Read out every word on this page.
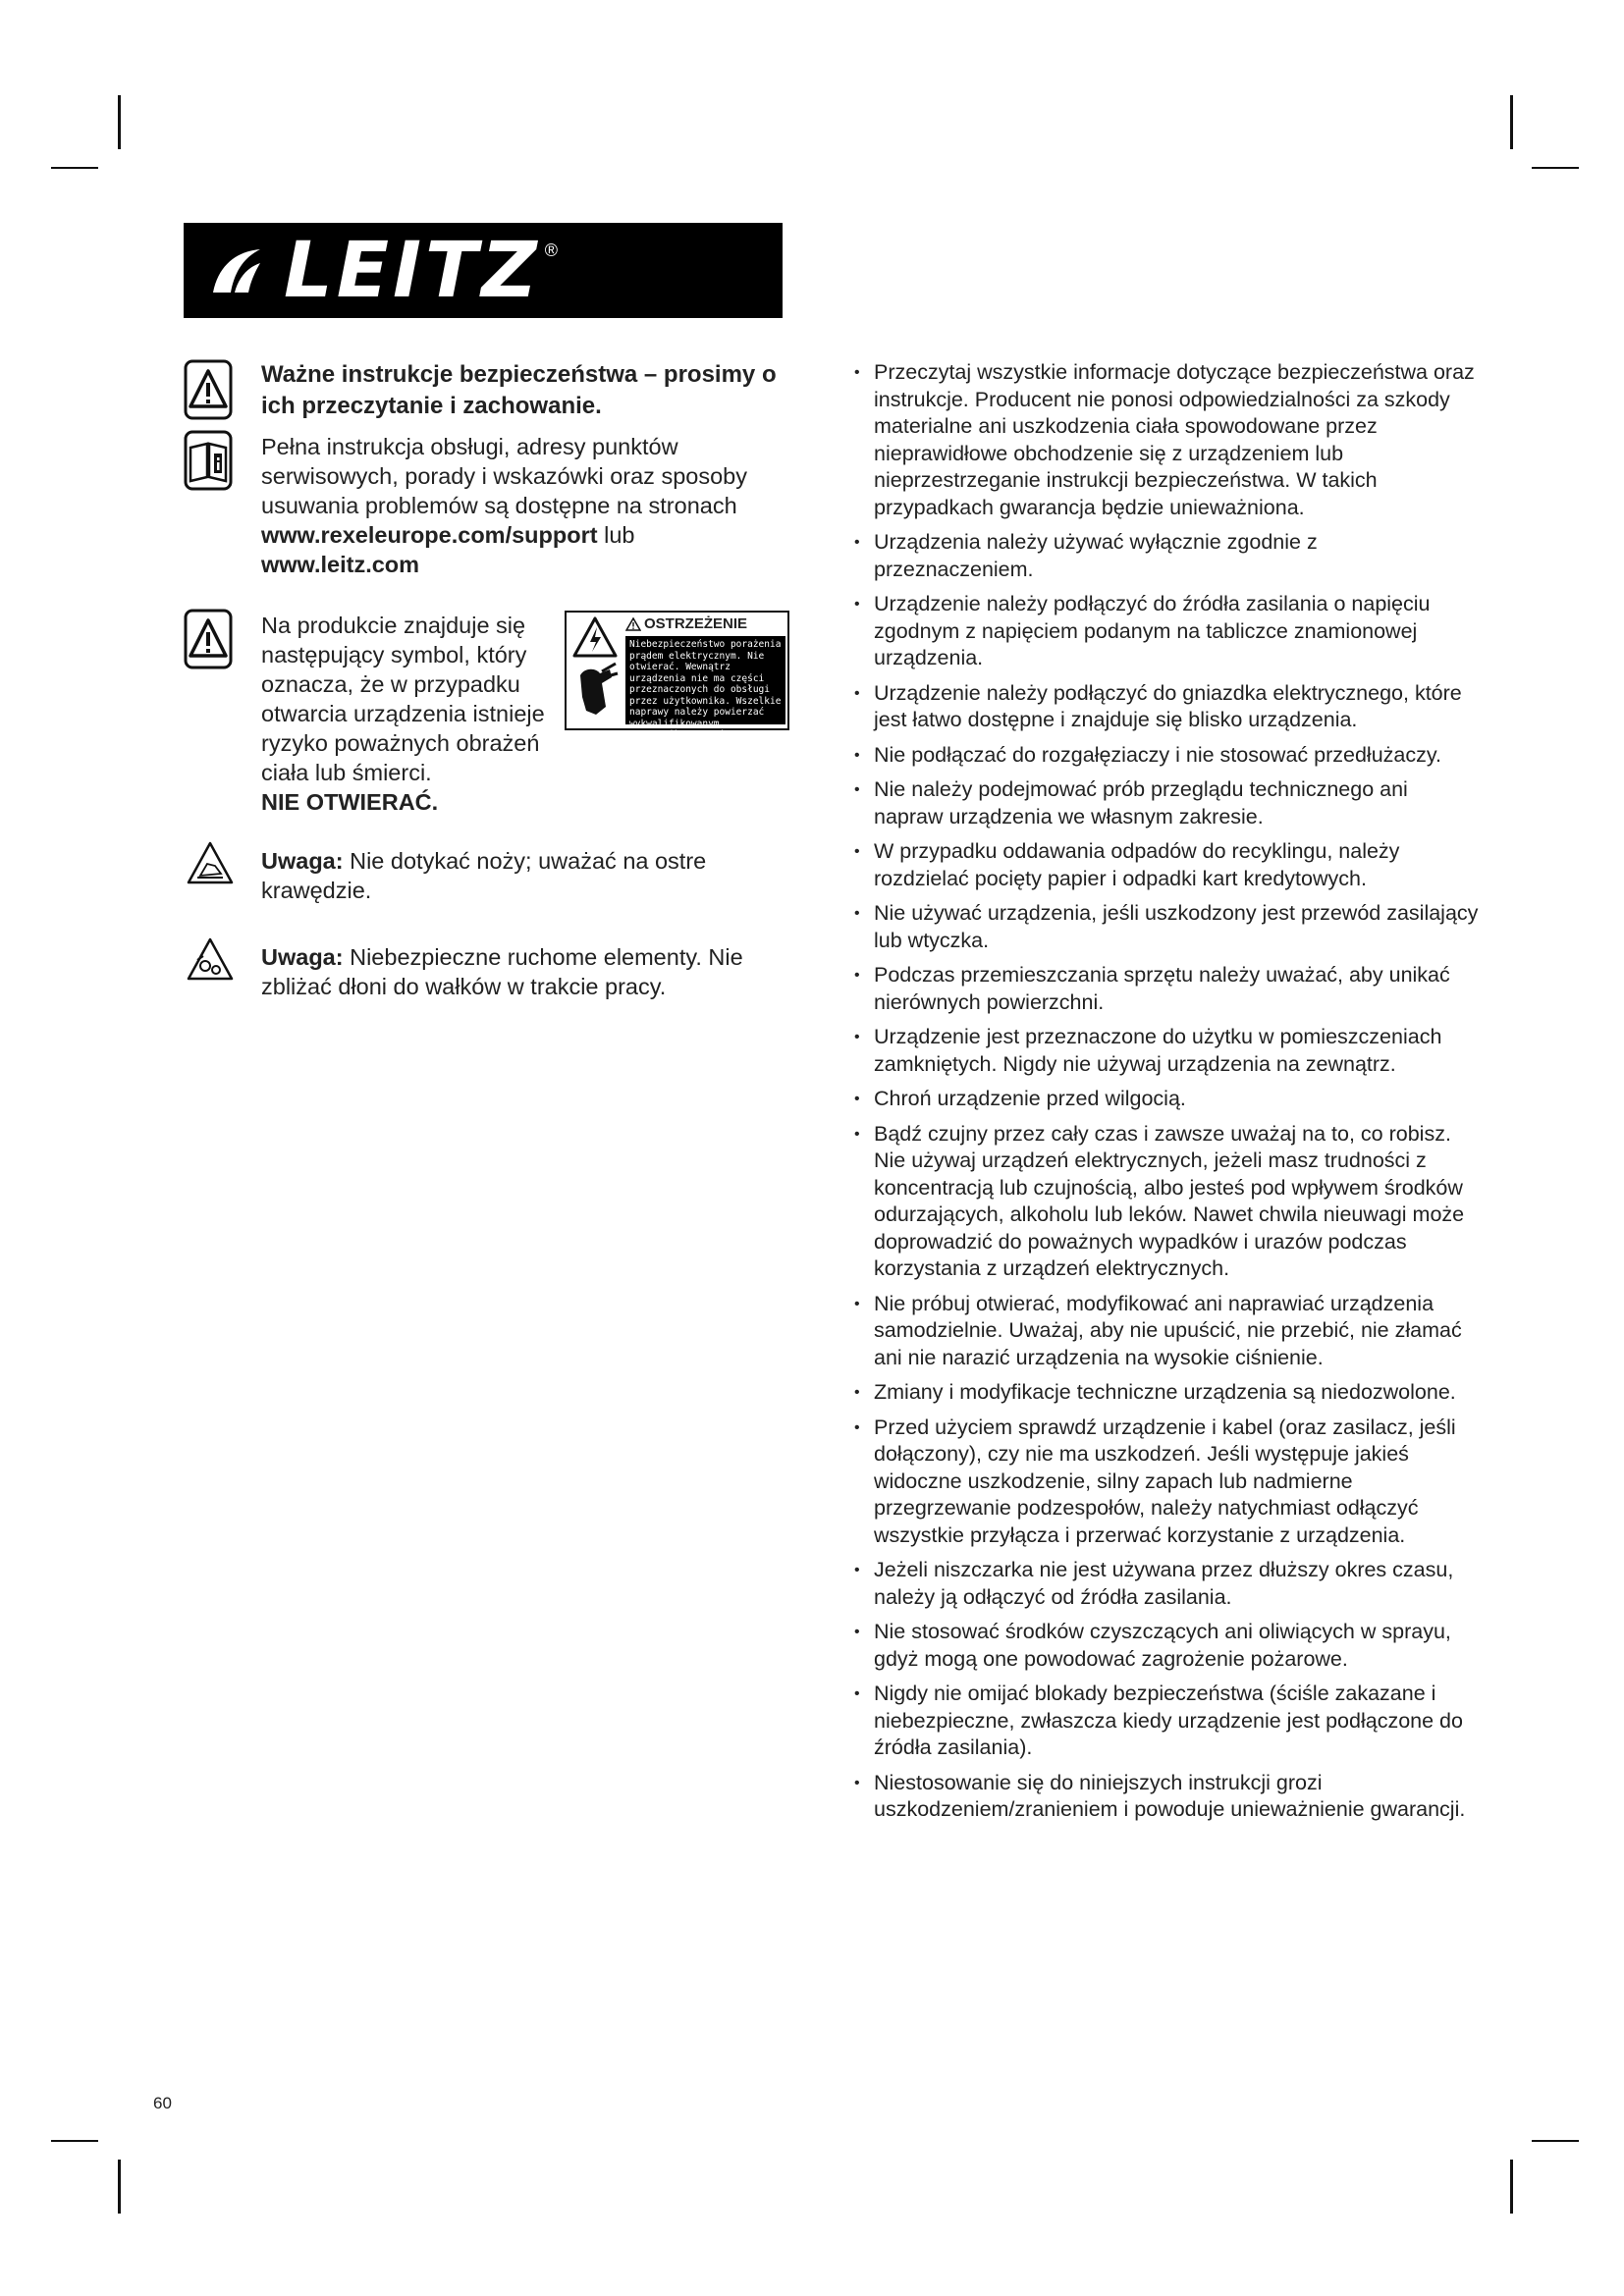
LEITZ ®
Ważne instrukcje bezpieczeństwa – prosimy o ich przeczytanie i zachowanie.
Pełna instrukcja obsługi, adresy punktów serwisowych, porady i wskazówki oraz sposoby usuwania problemów są dostępne na stronach www.rexeleurope.com/support lub www.leitz.com
Na produkcie znajduje się następujący symbol, który oznacza, że w przypadku otwarcia urządzenia istnieje ryzyko poważnych obrażeń ciała lub śmierci.
NIE OTWIERAĆ.
OSTRZEŻENIE
Niebezpieczeństwo porażenia prądem elektrycznym. Nie otwierać. Wewnątrz urządzenia nie ma części przeznaczonych do obsługi przez użytkownika. Wszelkie naprawy należy powierzać wykwalifikowanym pracownikom serwisu.
Uwaga: Nie dotykać noży; uważać na ostre krawędzie.
Uwaga: Niebezpieczne ruchome elementy. Nie zbliżać dłoni do wałków w trakcie pracy.
• Przeczytaj wszystkie informacje dotyczące bezpieczeństwa oraz instrukcje. Producent nie ponosi odpowiedzialności za szkody materialne ani uszkodzenia ciała spowodowane przez nieprawidłowe obchodzenie się z urządzeniem lub nieprzestrzeganie instrukcji bezpieczeństwa. W takich przypadkach gwarancja będzie unieważniona.
• Urządzenia należy używać wyłącznie zgodnie z przeznaczeniem.
• Urządzenie należy podłączyć do źródła zasilania o napięciu zgodnym z napięciem podanym na tabliczce znamionowej urządzenia.
• Urządzenie należy podłączyć do gniazdka elektrycznego, które jest łatwo dostępne i znajduje się blisko urządzenia.
• Nie podłączać do rozgałęziaczy i nie stosować przedłużaczy.
• Nie należy podejmować prób przeglądu technicznego ani napraw urządzenia we własnym zakresie.
• W przypadku oddawania odpadów do recyklingu, należy rozdzielać pocięty papier i odpadki kart kredytowych.
• Nie używać urządzenia, jeśli uszkodzony jest przewód zasilający lub wtyczka.
• Podczas przemieszczania sprzętu należy uważać, aby unikać nierównych powierzchni.
• Urządzenie jest przeznaczone do użytku w pomieszczeniach zamkniętych. Nigdy nie używaj urządzenia na zewnątrz.
• Chroń urządzenie przed wilgocią.
• Bądź czujny przez cały czas i zawsze uważaj na to, co robisz. Nie używaj urządzeń elektrycznych, jeżeli masz trudności z koncentracją lub czujnością, albo jesteś pod wpływem środków odurzających, alkoholu lub leków. Nawet chwila nieuwagi może doprowadzić do poważnych wypadków i urazów podczas korzystania z urządzeń elektrycznych.
• Nie próbuj otwierać, modyfikować ani naprawiać urządzenia samodzielnie. Uważaj, aby nie upuścić, nie przebić, nie złamać ani nie narazić urządzenia na wysokie ciśnienie.
• Zmiany i modyfikacje techniczne urządzenia są niedozwolone.
• Przed użyciem sprawdź urządzenie i kabel (oraz zasilacz, jeśli dołączony), czy nie ma uszkodzeń. Jeśli występuje jakieś widoczne uszkodzenie, silny zapach lub nadmierne przegrzewanie podzespołów, należy natychmiast odłączyć wszystkie przyłącza i przerwać korzystanie z urządzenia.
• Jeżeli niszczarka nie jest używana przez dłuższy okres czasu, należy ją odłączyć od źródła zasilania.
• Nie stosować środków czyszczących ani oliwiących w sprayu, gdyż mogą one powodować zagrożenie pożarowe.
• Nigdy nie omijać blokady bezpieczeństwa (ściśle zakazane i niebezpieczne, zwłaszcza kiedy urządzenie jest podłączone do źródła zasilania).
• Niestosowanie się do niniejszych instrukcji grozi uszkodzeniem/zranieniem i powoduje unieważnienie gwarancji.
60
